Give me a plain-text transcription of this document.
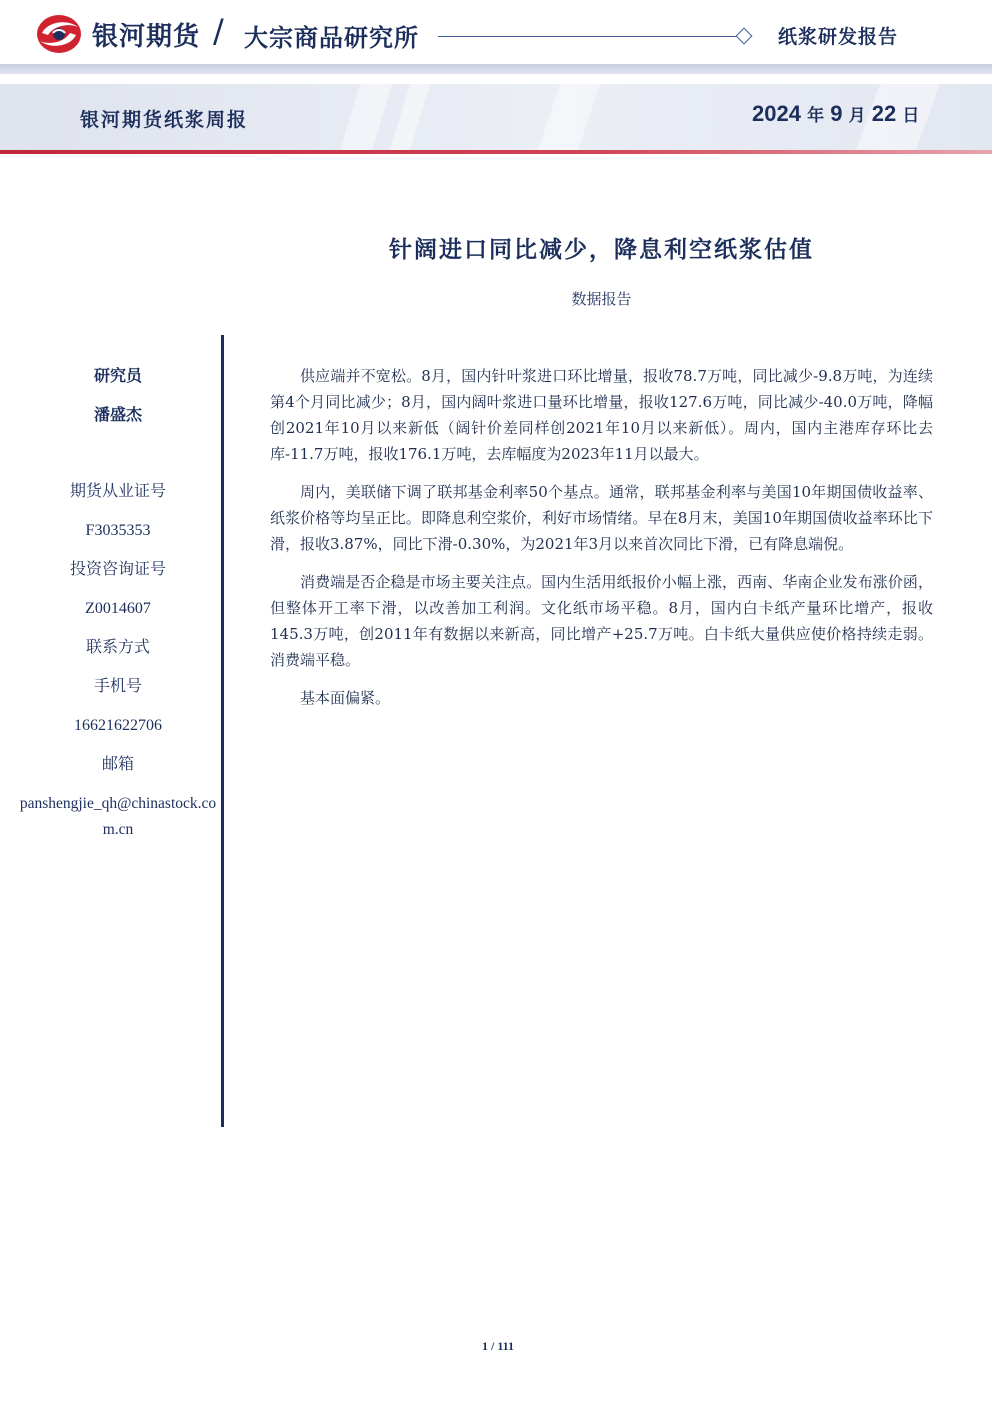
银河期货 / 大宗商品研究所	纸浆研发报告
银河期货纸浆周报	2024 年 9 月 22 日
针阔进口同比减少，降息利空纸浆估值
数据报告
研究员
潘盛杰
期货从业证号
F3035353
投资咨询证号
Z0014607
联系方式
手机号
16621622706
邮箱
panshengjie_qh@chinastock.com.cn

供应端并不宽松。8月，国内针叶浆进口环比增量，报收78.7万吨，同比减少-9.8万吨，为连续第4个月同比减少；8月，国内阔叶浆进口量环比增量，报收127.6万吨，同比减少-40.0万吨，降幅创2021年10月以来新低（阔针价差同样创2021年10月以来新低）。周内，国内主港库存环比去库-11.7万吨，报收176.1万吨，去库幅度为2023年11月以最大。

周内，美联储下调了联邦基金利率50个基点。通常，联邦基金利率与美国10年期国债收益率、纸浆价格等均呈正比。即降息利空浆价，利好市场情绪。早在8月末，美国10年期国债收益率环比下滑，报收3.87%，同比下滑-0.30%，为2021年3月以来首次同比下滑，已有降息端倪。

消费端是否企稳是市场主要关注点。国内生活用纸报价小幅上涨，西南、华南企业发布涨价函，但整体开工率下滑，以改善加工利润。文化纸市场平稳。8月，国内白卡纸产量环比增产，报收145.3万吨，创2011年有数据以来新高，同比增产+25.7万吨。白卡纸大量供应使价格持续走弱。消费端平稳。

基本面偏紧。

1 / 111
